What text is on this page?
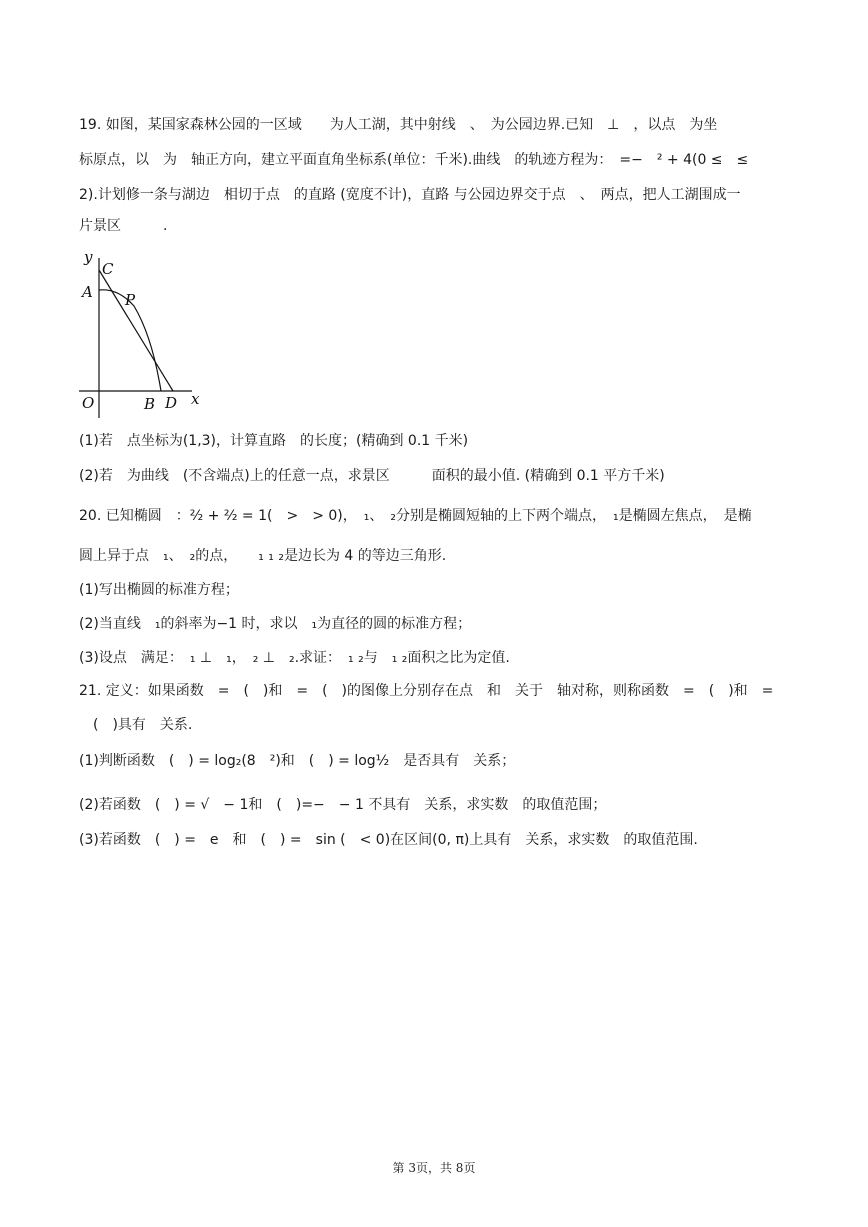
19. 如图，某国家森林公园的一区域　　为人工湖，其中射线　、　为公园边界.已知　⊥　，以点　为坐
标原点，以　为　轴正方向，建立平面直角坐标系(单位：千米).曲线　的轨迹方程为：　=−　² + 4(0 ≤　≤
2).计划修一条与湖边　相切于点　的直路 (宽度不计)，直路 与公园边界交于点　、　两点，把人工湖围成一
片景区　　　.
y
C
A P
O	B D x
(1)若　点坐标为(1,3)，计算直路　的长度；(精确到 0.1 千米)
(2)若　为曲线　(不含端点)上的任意一点，求景区　　　面积的最小值. (精确到 0.1 平方千米)
20. 已知椭圆　：²⁄₂ + ²⁄₂ = 1(　>　> 0)，　₁、　₂分别是椭圆短轴的上下两个端点，　₁是椭圆左焦点，　是椭
圆上异于点　₁、　₂的点，　　₁ ₁ ₂是边长为 4 的等边三角形.
(1)写出椭圆的标准方程；
(2)当直线　₁的斜率为−1 时，求以　₁为直径的圆的标准方程；
(3)设点　满足：　₁ ⊥　₁，　₂ ⊥　₂.求证：　₁ ₂与　₁ ₂面积之比为定值.
21. 定义：如果函数　=　(　)和　=　(　)的图像上分别存在点　和　关于　轴对称，则称函数　=　(　)和　=
　(　)具有　关系.
(1)判断函数　(　) = log₂(8　²)和　(　) = log½　是否具有　关系；
(2)若函数　(　) = √　− 1和　(　)=−　− 1 不具有　关系，求实数　的取值范围；
(3)若函数　(　) =　e　和　(　) =　sin (　< 0)在区间(0, π)上具有　关系，求实数　的取值范围.
第 3页，共 8页
